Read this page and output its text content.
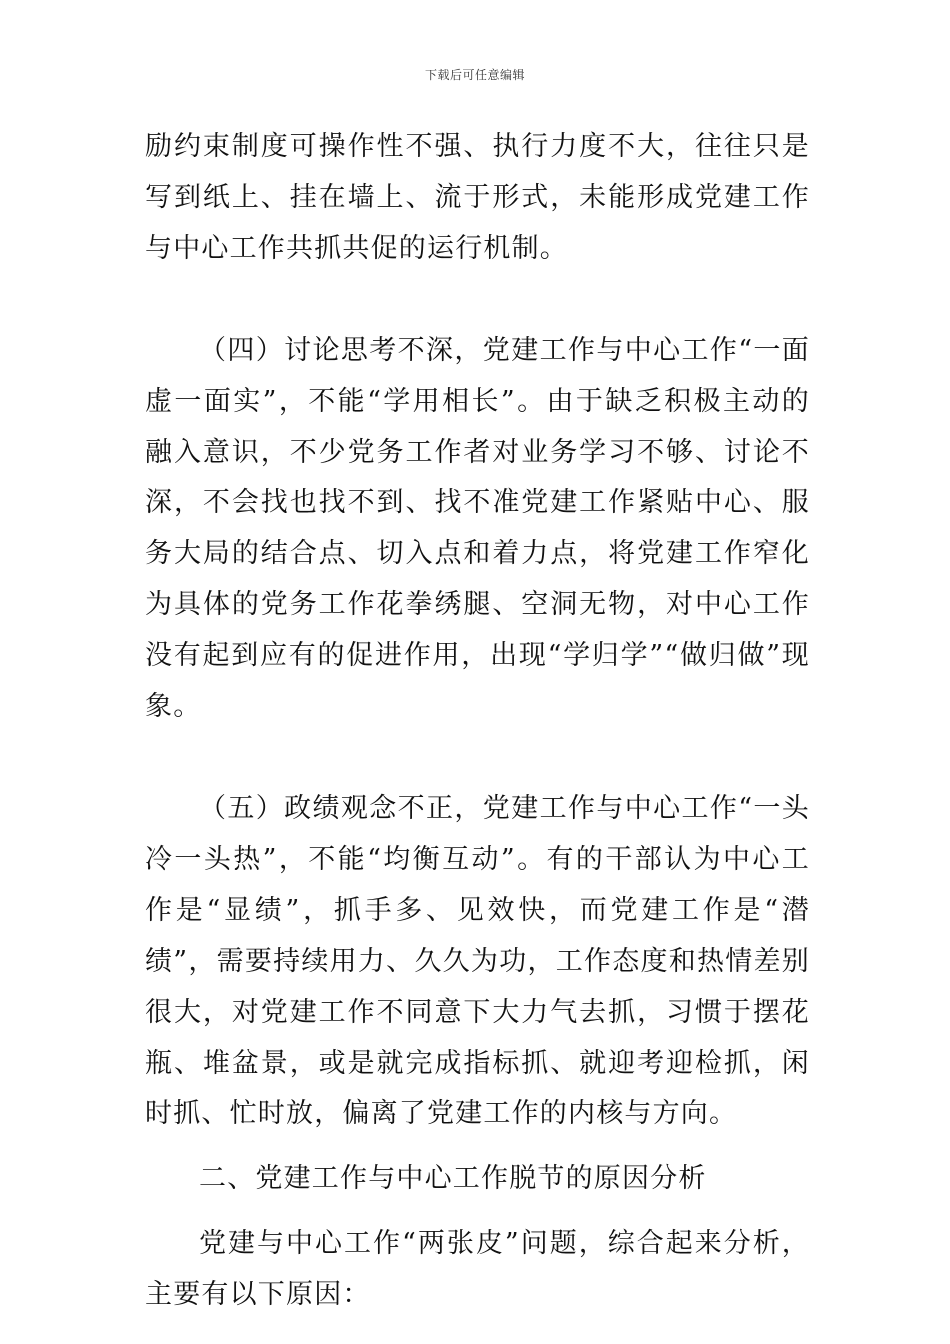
下载后可任意编辑

励约束制度可操作性不强、执行力度不大，往往只是写到纸上、挂在墙上、流于形式，未能形成党建工作与中心工作共抓共促的运行机制。

（四）讨论思考不深，党建工作与中心工作“一面虚一面实”，不能“学用相长”。由于缺乏积极主动的融入意识，不少党务工作者对业务学习不够、讨论不深，不会找也找不到、找不准党建工作紧贴中心、服务大局的结合点、切入点和着力点，将党建工作窄化为具体的党务工作花拳绣腿、空洞无物，对中心工作没有起到应有的促进作用，出现“学归学”“做归做”现象。

（五）政绩观念不正，党建工作与中心工作“一头冷一头热”，不能“均衡互动”。有的干部认为中心工作是“显绩”，抓手多、见效快，而党建工作是“潜绩”，需要持续用力、久久为功，工作态度和热情差别很大，对党建工作不同意下大力气去抓，习惯于摆花瓶、堆盆景，或是就完成指标抓、就迎考迎检抓，闲时抓、忙时放，偏离了党建工作的内核与方向。

二、党建工作与中心工作脱节的原因分析

党建与中心工作“两张皮”问题，综合起来分析，主要有以下原因：
